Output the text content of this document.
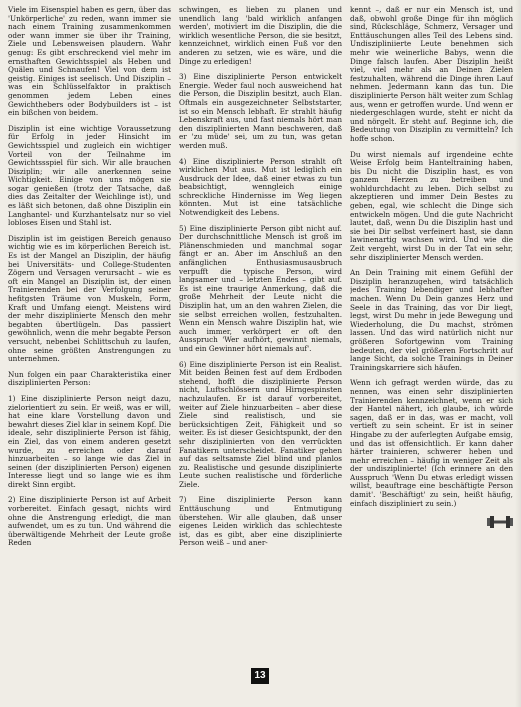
Viele im Eisenspiel haben es gern, über das 'Unkörperliche' zu reden, wann immer sie nach einem Training zusammenkommen oder wann immer sie über ihr Training, Ziele und Lebensweisen plaudern. Wahr genug: Es gibt erschreckend viel mehr im ernsthaften Gewichtsspiel als Heben und Quälen und Schnaufen! Viel von dem ist geistig. Einiges ist seelisch. Und Disziplin – was ein Schlüsselfaktor in praktisch genommen jedem Leben eines Gewichthebers oder Bodybuilders ist – ist ein bißchen von beidem.

Disziplin ist eine wichtige Voraussetzung für Erfolg in jeder Hinsicht im Gewichtsspiel und zugleich ein wichtiger Vorteil von der Teilnahme im Gewichtssspiel für sich. Wir alle brauchen Disziplin; wir alle anerkennen seine Wichtigkeit. Einige von uns mögen sie sogar genießen (trotz der Tatsache, daß dies das Zeitalter der Weichlinge ist), und es läßt sich betonen, daß ohne Disziplin ein Langhantel- und Kurzhantelsatz nur so viel lobloses Eisen und Stahl ist.

Disziplin ist im geistigen Bereich genauso wichtig wie es im körperlichen Bereich ist. Es ist der Mangel an Disziplin, der häufig bei Universitäts- und College-Studenten Zögern und Versagen verursacht – wie es oft ein Mangel an Disziplin ist, der einen Trainierenden bei der Verfolgung seiner hefitgsten Träume von Muskeln, Form, Kraft und Umfang eiengt. Meistens wird der mehr disziplinierte Mensch den mehr begabten übertlügeln. Das passiert gewöhnlich, wenn die mehr begabte Person versucht, nebenbei Schlittschuh zu laufen, ohne seine größten Anstrengungen zu unternehmen.

Nun folgen ein paar Charakteristika einer disziplinierten Person:

1) Eine disziplinierte Person neigt dazu, zielorientiert zu sein. Er weiß, was er will, hat eine klare Vorstellung davon und bewahrt dieses Ziel klar in seinem Kopf. Die ideale, sehr disziplinierte Person ist fähig, ein Ziel, das von einem anderen gesetzt wurde, zu erreichen oder darauf hinzuarbeiten – so lange wie das Ziel in seinen (der disziplinierten Person) eigenen Interesse liegt und so lange wie es ihm direkt Sinn ergibt.

2) Eine disziplinierte Person ist auf Arbeit vorbereitet. Einfach gesagt, nichts wird ohne die Anstrengung erledigt, die man aufwendet, um es zu tun. Und während die überwältigende Mehrheit der Leute große Reden

schwingen, es lieben zu planen und unendlich lang 'bald wirklich anfangen werden', motiviert im die Disziplin, die die wirklich wesentliche Person, die sie besitzt, kennzeichnet, wirklich einen Fuß vor den anderen zu setzen, wie es wäre, und die Dinge zu erledigen!

3) Eine disziplinierte Person entwickelt Energie. Weder faul noch ausweichend hat die Person, die Disziplin besitzt, auch Elan. Oftmals ein ausgezeichneter Selbststarter, ist so ein Mensch lebhaft. Er strahlt häufig Lebenskraft aus, und fast niemals hört man den disziplinierten Mann beschweren, daß er 'zu müde' sei, um zu tun, was getan werden muß.

4) Eine disziplinierte Person strahlt oft wirklichen Mut aus. Mut ist lediglich ein Ausdruck der Idee, daß einer etwas zu tun beabsichtigt, wenngleich einige schreckliche Hindernisse im Weg liegen könnten. Mut ist eine tatsächliche Notwendigkeit des Lebens.

5) Eine disziplinierte Person gibt nicht auf. Der durchschnittliche Mensch ist groß im Plänenschmieden und manchmal sogar fängt er an. Aber im Anschluß an den anfänglichen Enthusiasmusausbruch verpufft die typische Person, wird langsamer und – letzten Endes – gibt auf. Es ist eine traurige Anmerkung, daß die große Mehrheit der Leute nicht die Disziplin hat, um an den wahren Zielen, die sie selbst erreichen wollen, festzuhalten. Wenn ein Mensch wahre Disziplin hat, wie auch immer, verkörpert er oft den Ausspruch 'Wer aufhört, gewinnt niemals, und ein Gewinner hört niemals auf'.

6) Eine disziplinierte Person ist ein Realist. Mit beiden Beinen fest auf dem Erdboden stehend, hofft die disziplinierte Person nicht, Luftschlössern und Hirngespinsten nachzulaufen. Er ist darauf vorbereitet, weiter auf Ziele hinzuarbeiten – aber diese Ziele sind realistisch, und sie berücksichtigen Zeit, Fähigkeit und so weiter. Es ist dieser Gesichtspunkt, der den sehr disziplinierten von den verrückten Fanatikern unterscheidet. Fanatiker gehen auf das seltsamste Ziel blind und planlos zu. Realistische und gesunde disziplinierte Leute suchen realistische und förderliche Ziele.

7) Eine disziplinierte Person kann Enttäuschung und Entmutigung überstehen. Wir alle glauben, daß unser eigenes Leiden wirklich das schlechteste ist, das es gibt, aber eine disziplinierte Person weiß – und aner-

kennt –, daß er nur ein Mensch ist, und daß, obwohl große Dinge für ihn möglich sind, Rückschläge, Schmerz, Versager und Enttäuschungen alles Teil des Lebens sind. Undiszipliniierte Leute benehmen sich mehr wie weinerliche Babys, wenn die Dinge falsch laufen. Aber Disziplin heißt viel, viel mehr als an Deinen Zielen festzuhalten, während die Dinge ihren Lauf nehmen. Jedermann kann das tun. Die disziplinierte Person hält weiter zum Schlag aus, wenn er getroffen wurde. Und wenn er niedergeschlagen wurde, steht er nicht da und nörgelt. Er steht auf. Beginne ich, die Bedeutung von Disziplin zu vermitteln? Ich hoffe schon.

Du wirst niemals auf irgendeine echte Weise Erfolg beim Hanteltraining haben, bis Du nicht die Disziplin hast, es von ganzem Herzen zu betreiben und wohldurchdacht zu leben. Dich selbst zu akzeptieren und immer Dein Bestes zu geben, egal, wie schlecht die Dinge sich entwickeln mögen. Und die gute Nachricht lautet, daß, wenn Du die Disziplin hast und sie bei Dir selbst verfeinert hast, sie dann lawinenartig wachsen wird. Und wie die Zeit vergeht, wirst Du in der Tat ein sehr, sehr disziplinierter Mensch werden.

An Dein Training mit einem Gefühl der Disziplin heranzugehen, wird tatsächlich jedes Training lebendiger und lebhafter machen. Wenn Du Dein ganzes Herz und Seele in das Training, das vor Dir liegt, legst, wirst Du mehr in jede Bewegung und Wiederholung, die Du machst, strömen lassen. Und das wird natürlich nicht nur größeren Sofortgewinn vom Training bedeuten, der viel größeren Fortschritt auf lange Sicht, da solche Trainings in Deiner Trainingskarriere sich häufen.

Wenn ich gefragt werden würde, das zu nennen, was einen sehr disziplinierten Trainierenden kennzeichnet, wenn er sich der Hantel nähert, ich glaube, ich würde sagen, daß er in das, was er macht, voll vertieft zu sein scheint. Er ist in seiner Hingabe zu der auferlegten Aufgabe emsig, und das ist offensichtlich. Er kann daher härter trainieren, schwerer heben und mehr erreichen – häufig in weniger Zeit als der undisziplinierte! (Ich erinnere an den Ausspruch 'Wenn Du etwas erledigt wissen willst, beauftrage eine beschäftigte Person damit'. 'Beschäftigt' zu sein, heißt häufig, einfach diszipliniert zu sein.)

13
